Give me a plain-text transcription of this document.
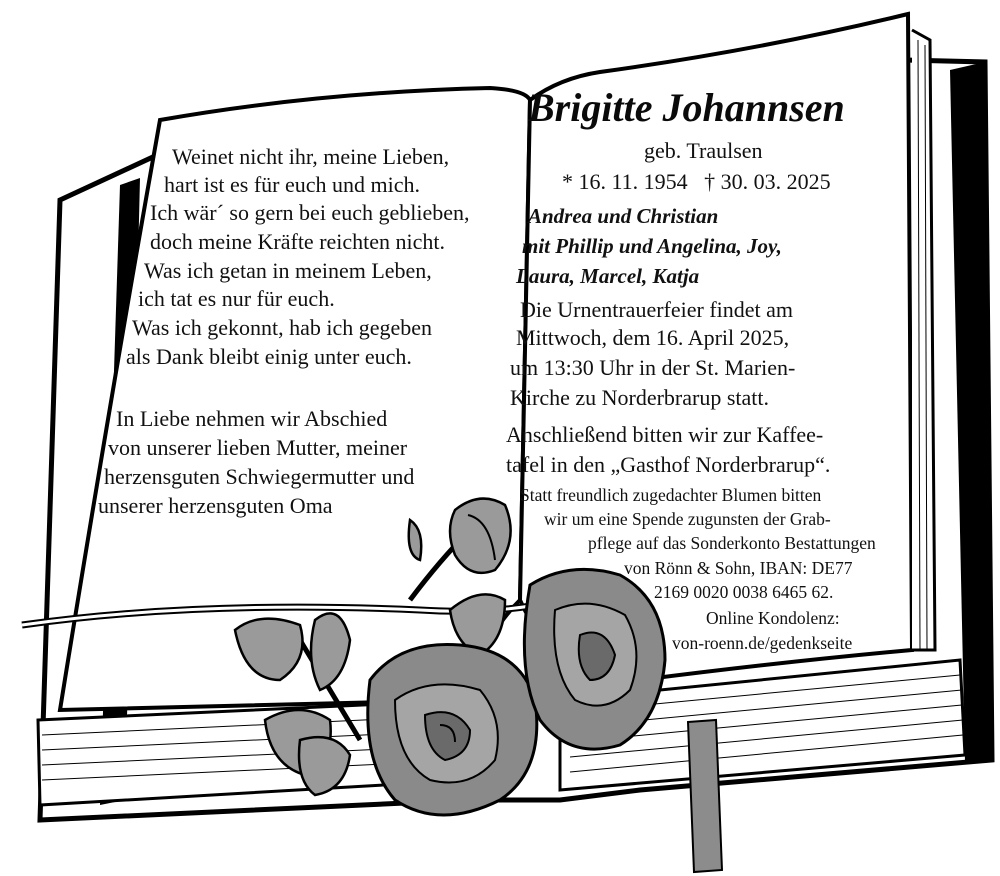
Weinet nicht ihr, meine Lieben,
hart ist es für euch und mich.
Ich wär´ so gern bei euch geblieben,
doch meine Kräfte reichten nicht.
Was ich getan in meinem Leben,
ich tat es nur für euch.
Was ich gekonnt, hab ich gegeben
als Dank bleibt einig unter euch.
In Liebe nehmen wir Abschied
von unserer lieben Mutter, meiner
herzensguten Schwiegermutter und
unserer herzensguten Oma
Brigitte Johannsen
geb. Traulsen
* 16. 11. 1954   † 30. 03. 2025
Andrea und Christian
mit Phillip und Angelina, Joy,
Laura, Marcel, Katja
Die Urnentrauerfeier findet am
Mittwoch, dem 16. April 2025,
um 13:30 Uhr in der St. Marien-
Kirche zu Norderbrarup statt.
Anschließend bitten wir zur Kaffee-
tafel in den „Gasthof Norderbrarup“.
Statt freundlich zugedachter Blumen bitten
wir um eine Spende zugunsten der Grab-
pflege auf das Sonderkonto Bestattungen
von Rönn & Sohn, IBAN: DE77
2169 0020 0038 6465 62.
Online Kondolenz:
von-roenn.de/gedenkseite
